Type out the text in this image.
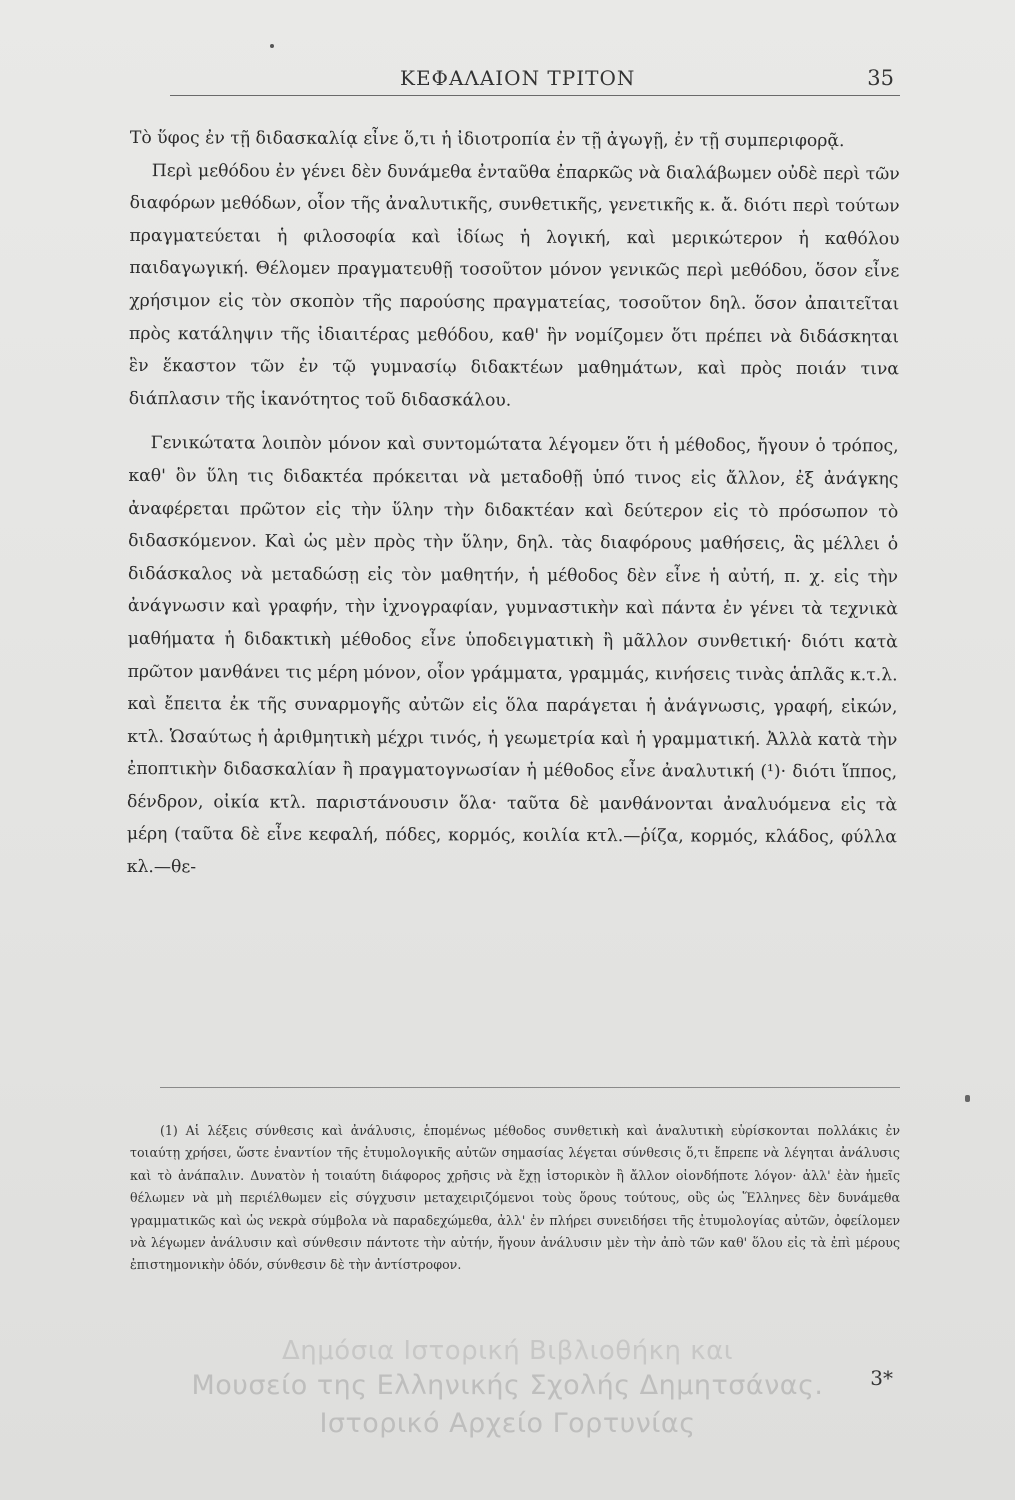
ΚΕΦΑΛΑΙΟΝ ΤΡΙΤΟΝ	35

Τὸ ὕφος ἐν τῇ διδασκαλίᾳ εἶνε ὅ,τι ἡ ἰδιοτροπία ἐν τῇ ἀγωγῇ, ἐν τῇ συμπεριφορᾷ.

Περὶ μεθόδου ἐν γένει δὲν δυνάμεθα ἐνταῦθα ἐπαρκῶς νὰ διαλάβωμεν οὐδὲ περὶ τῶν διαφόρων μεθόδων, οἷον τῆς ἀναλυτικῆς, συνθετικῆς, γενετικῆς κ. ἄ. διότι περὶ τούτων πραγματεύεται ἡ φιλοσοφία καὶ ἰδίως ἡ λογική, καὶ μερικώτερον ἡ καθόλου παιδαγωγική. Θέλομεν πραγματευθῇ τοσοῦτον μόνον γενικῶς περὶ μεθόδου, ὅσον εἶνε χρήσιμον εἰς τὸν σκοπὸν τῆς παρούσης πραγματείας, τοσοῦτον δηλ. ὅσον ἀπαιτεῖται πρὸς κατάληψιν τῆς ἰδιαιτέρας μεθόδου, καθ' ἣν νομίζομεν ὅτι πρέπει νὰ διδάσκηται ἓν ἕκαστον τῶν ἐν τῷ γυμνασίῳ διδακτέων μαθημάτων, καὶ πρὸς ποιάν τινα διάπλασιν τῆς ἱκανότητος τοῦ διδασκάλου.

Γενικώτατα λοιπὸν μόνον καὶ συντομώτατα λέγομεν ὅτι ἡ μέθοδος, ἤγουν ὁ τρόπος, καθ' ὃν ὕλη τις διδακτέα πρόκειται νὰ μεταδοθῇ ὑπό τινος εἰς ἄλλον, ἐξ ἀνάγκης ἀναφέρεται πρῶτον εἰς τὴν ὕλην τὴν διδακτέαν καὶ δεύτερον εἰς τὸ πρόσωπον τὸ διδασκόμενον. Καὶ ὡς μὲν πρὸς τὴν ὕλην, δηλ. τὰς διαφόρους μαθήσεις, ἃς μέλλει ὁ διδάσκαλος νὰ μεταδώσῃ εἰς τὸν μαθητήν, ἡ μέθοδος δὲν εἶνε ἡ αὐτή, π. χ. εἰς τὴν ἀνάγνωσιν καὶ γραφήν, τὴν ἰχνογραφίαν, γυμναστικὴν καὶ πάντα ἐν γένει τὰ τεχνικὰ μαθήματα ἡ διδακτικὴ μέθοδος εἶνε ὑποδειγματικὴ ἢ μᾶλλον συνθετική· διότι κατὰ πρῶτον μανθάνει τις μέρη μόνον, οἷον γράμματα, γραμμάς, κινήσεις τινὰς ἁπλᾶς κ.τ.λ. καὶ ἔπειτα ἐκ τῆς συναρμογῆς αὐτῶν εἰς ὅλα παράγεται ἡ ἀνάγνωσις, γραφή, εἰκών, κτλ. Ὡσαύτως ἡ ἀριθμητικὴ μέχρι τινός, ἡ γεωμετρία καὶ ἡ γραμματική. Ἀλλὰ κατὰ τὴν ἐποπτικὴν διδασκαλίαν ἢ πραγματογνωσίαν ἡ μέθοδος εἶνε ἀναλυτική (¹)· διότι ἵππος, δένδρον, οἰκία κτλ. παριστάνουσιν ὅλα· ταῦτα δὲ μανθάνονται ἀναλυόμενα εἰς τὰ μέρη (ταῦτα δὲ εἶνε κεφαλή, πόδες, κορμός, κοιλία κτλ.—ῥίζα, κορμός, κλάδος, φύλλα κλ.—θε-

(1) Αἱ λέξεις σύνθεσις καὶ ἀνάλυσις, ἑπομένως μέθοδος συνθετικὴ καὶ ἀναλυτικὴ εὑρίσκονται πολλάκις ἐν τοιαύτῃ χρήσει, ὥστε ἐναντίον τῆς ἐτυμολογικῆς αὐτῶν σημασίας λέγεται σύνθεσις ὅ,τι ἔπρεπε νὰ λέγηται ἀνάλυσις καὶ τὸ ἀνάπαλιν. Δυνατὸν ἡ τοιαύτη διάφορος χρῆσις νὰ ἔχῃ ἱστορικὸν ἢ ἄλλον οἱονδήποτε λόγον· ἀλλ' ἐὰν ἡμεῖς θέλωμεν νὰ μὴ περιέλθωμεν εἰς σύγχυσιν μεταχειριζόμενοι τοὺς ὅρους τούτους, οὓς ὡς Ἕλληνες δὲν δυνάμεθα γραμματικῶς καὶ ὡς νεκρὰ σύμβολα νὰ παραδεχώμεθα, ἀλλ' ἐν πλήρει συνειδήσει τῆς ἐτυμολογίας αὐτῶν, ὀφείλομεν νὰ λέγωμεν ἀνάλυσιν καὶ σύνθεσιν πάντοτε τὴν αὐτήν, ἤγουν ἀνάλυσιν μὲν τὴν ἀπὸ τῶν καθ' ὅλου εἰς τὰ ἐπὶ μέρους ἐπιστημονικὴν ὁδόν, σύνθεσιν δὲ τὴν ἀντίστροφον.

3*
Δημόσια Ιστορική Βιβλιοθήκη και
Μουσείο της Ελληνικής Σχολής Δημητσάνας.
Ιστορικό Αρχείο Γορτυνίας
